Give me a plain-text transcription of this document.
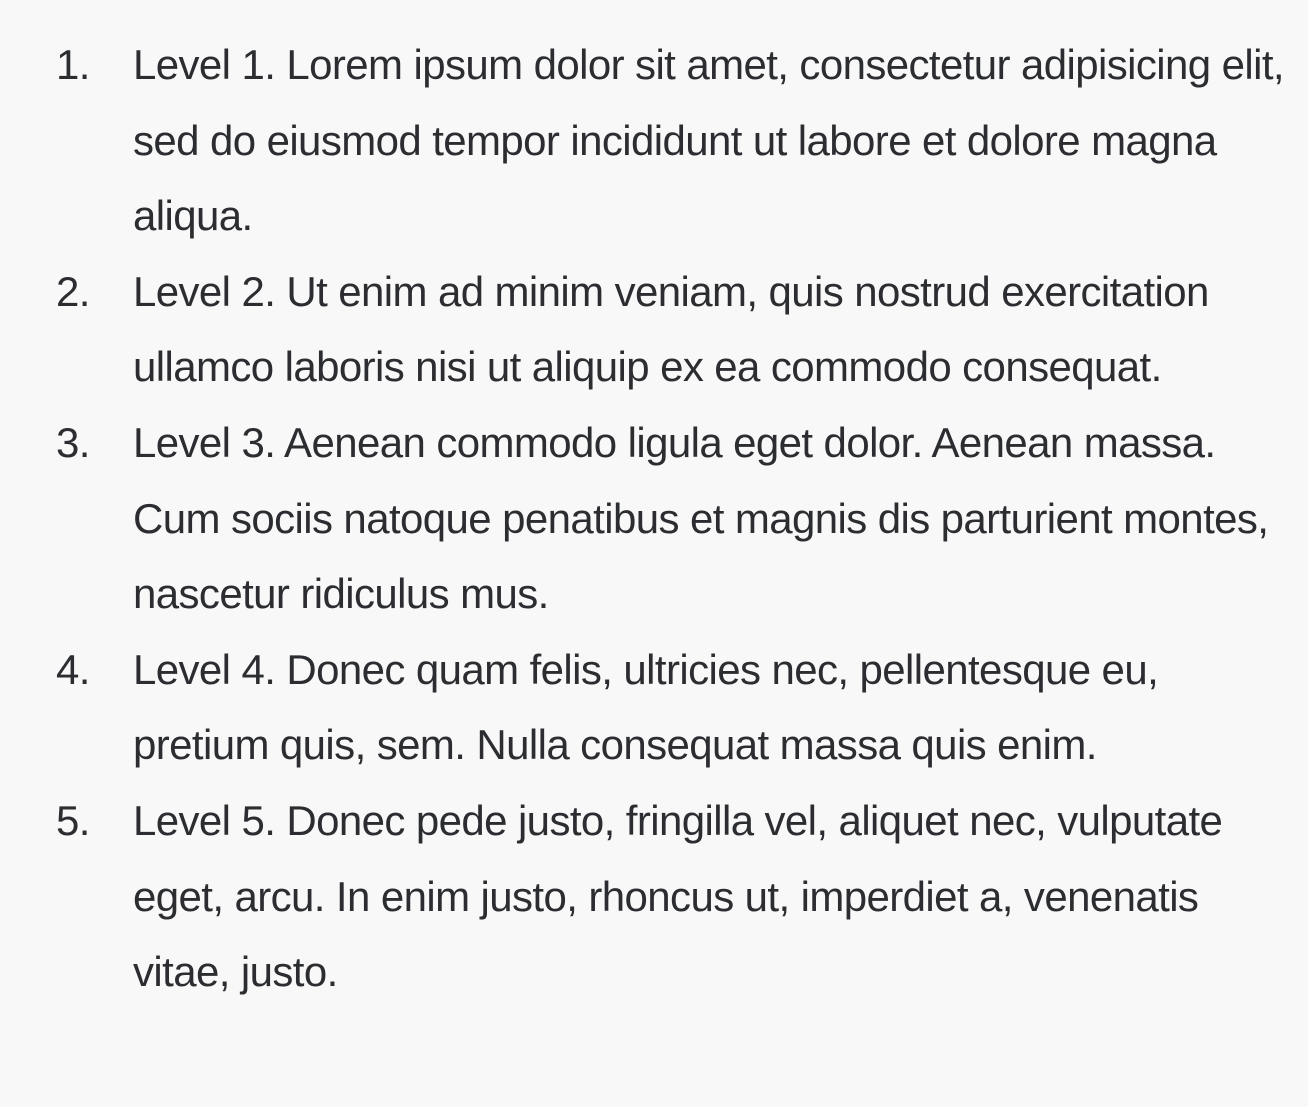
1.	Level 1. Lorem ipsum dolor sit amet, consectetur adipisicing elit, sed do eiusmod tempor incididunt ut labore et dolore magna aliqua.
2.	Level 2. Ut enim ad minim veniam, quis nostrud exercitation ullamco laboris nisi ut aliquip ex ea commodo consequat.
3.	Level 3. Aenean commodo ligula eget dolor. Aenean massa. Cum sociis natoque penatibus et magnis dis parturient montes, nascetur ridiculus mus.
4.	Level 4. Donec quam felis, ultricies nec, pellentesque eu, pretium quis, sem. Nulla consequat massa quis enim.
5.	Level 5. Donec pede justo, fringilla vel, aliquet nec, vulputate eget, arcu. In enim justo, rhoncus ut, imperdiet a, venenatis vitae, justo.
